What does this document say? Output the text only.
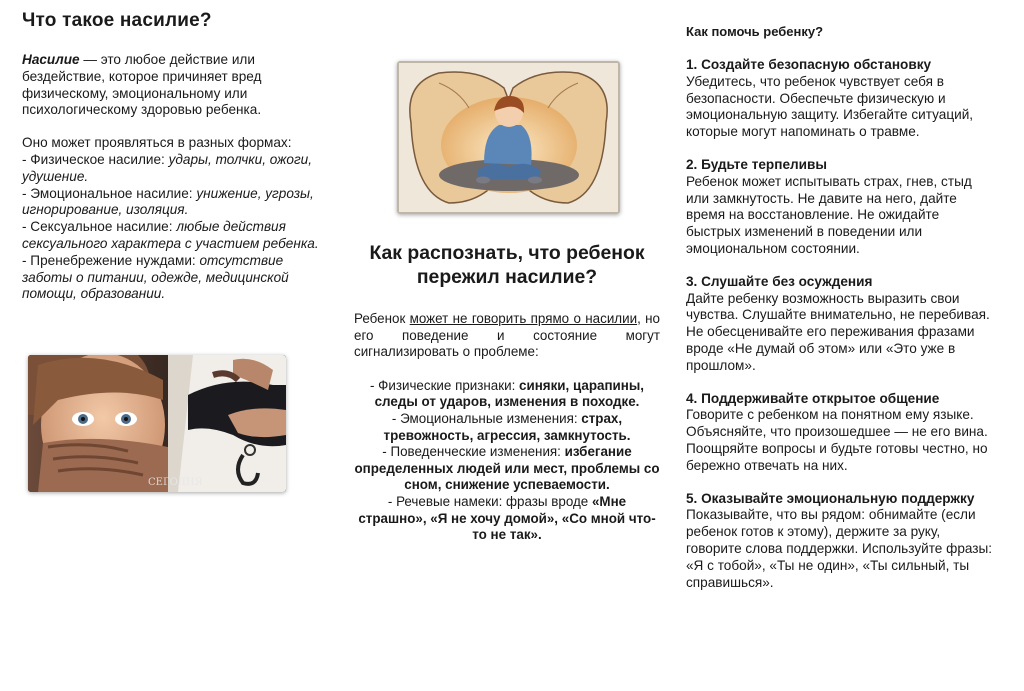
Что такое насилие?

Насилие — это любое действие или бездействие, которое причиняет вред физическому, эмоциональному или психологическому здоровью ребенка.

Оно может проявляться в разных формах:

- Физическое насилие: удары, толчки, ожоги, удушение.

- Эмоциональное насилие: унижение, угрозы, игнорирование, изоляция.

- Сексуальное насилие: любые действия сексуального характера с участием ребенка.

- Пренебрежение нуждами: отсутствие заботы о питании, одежде, медицинской помощи, образовании.

СЕГОДНЯ
Как распознать, что ребенок пережил насилие?

Ребенок может не говорить прямо о насилии, но его поведение и состояние могут сигнализировать о проблеме:

- Физические признаки: синяки, царапины, следы от ударов, изменения в походке.

- Эмоциональные изменения: страх, тревожность, агрессия, замкнутость.

- Поведенческие изменения: избегание определенных людей или мест, проблемы со сном, снижение успеваемости.

- Речевые намеки: фразы вроде «Мне страшно», «Я не хочу домой», «Со мной что-то не так».

Как помочь ребенку?
1. Создайте безопасную обстановку

Убедитесь, что ребенок чувствует себя в безопасности. Обеспечьте физическую и эмоциональную защиту. Избегайте ситуаций, которые могут напоминать о травме.

2. Будьте терпеливы

Ребенок может испытывать страх, гнев, стыд или замкнутость. Не давите на него, дайте время на восстановление. Не ожидайте быстрых изменений в поведении или эмоциональном состоянии.

3. Слушайте без осуждения

Дайте ребенку возможность выразить свои чувства. Слушайте внимательно, не перебивая. Не обесценивайте его переживания фразами вроде «Не думай об этом» или «Это уже в прошлом».

4. Поддерживайте открытое общение

Говорите с ребенком на понятном ему языке. Объясняйте, что произошедшее — не его вина. Поощряйте вопросы и будьте готовы честно, но бережно отвечать на них.

5. Оказывайте эмоциональную поддержку

Показывайте, что вы рядом: обнимайте (если ребенок готов к этому), держите за руку, говорите слова поддержки. Используйте фразы: «Я с тобой», «Ты не один», «Ты сильный, ты справишься».
